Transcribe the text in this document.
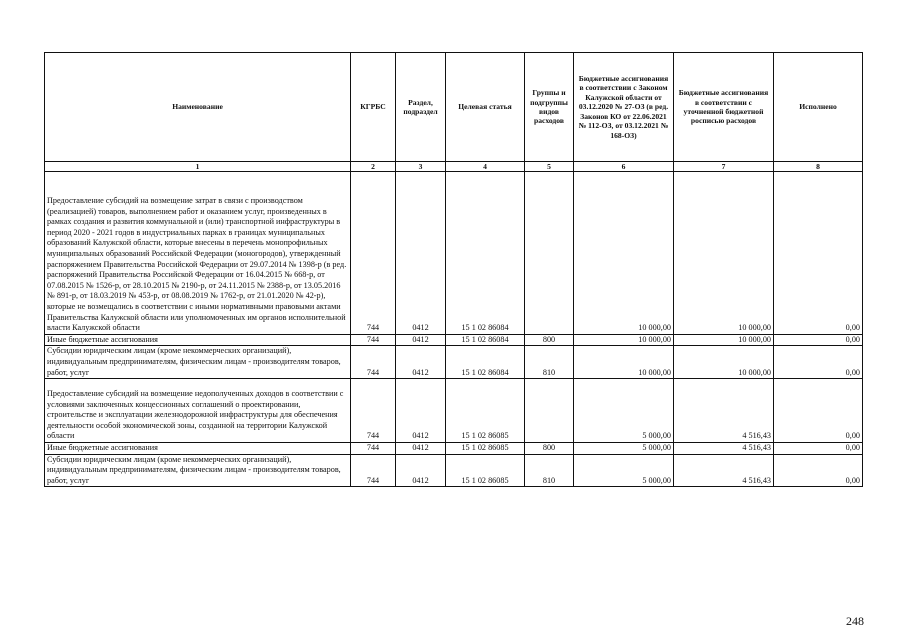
Наименование	КГРБС	Раздел, подраздел	Целевая статья	Группы и подгруппы видов расходов	Бюджетные ассигнования в соответствии с Законом Калужской области от 03.12.2020 № 27-ОЗ (в ред. Законов КО от 22.06.2021 № 112-ОЗ, от 03.12.2021 № 168-ОЗ)	Бюджетные ассигнования в соответствии с уточненной бюджетной росписью расходов	Исполнено
1	2	3	4	5	6	7	8
Предоставление субсидий на возмещение затрат в связи с производством (реализацией) товаров, выполнением работ и оказанием услуг, произведенных в рамках создания и развития коммунальной и (или) транспортной инфраструктуры в период 2020 - 2021 годов в индустриальных парках в границах муниципальных образований Калужской области, которые внесены в перечень монопрофильных муниципальных образований Российской Федерации (моногородов), утвержденный распоряжением Правительства Российской Федерации от 29.07.2014 № 1398-р (в ред. распоряжений Правительства Российской Федерации от 16.04.2015 № 668-р, от 07.08.2015 № 1526-р, от 28.10.2015 № 2190-р, от 24.11.2015 № 2388-р, от 13.05.2016 № 891-р, от 18.03.2019 № 453-р, от 08.08.2019 № 1762-р, от 21.01.2020 № 42-р), которые не возмещались в соответствии с иными нормативными правовыми актами Правительства Калужской области или уполномоченных им органов исполнительной власти Калужской области	744	0412	15 1 02 86084		10 000,00	10 000,00	0,00
Иные бюджетные ассигнования	744	0412	15 1 02 86084	800	10 000,00	10 000,00	0,00
Субсидии юридическим лицам (кроме некоммерческих организаций), индивидуальным предпринимателям, физическим лицам - производителям товаров, работ, услуг	744	0412	15 1 02 86084	810	10 000,00	10 000,00	0,00
Предоставление субсидий на возмещение недополученных доходов в соответствии с условиями заключенных концессионных соглашений о проектировании, строительстве и эксплуатации железнодорожной инфраструктуры для обеспечения деятельности особой экономической зоны, созданной на территории Калужской области	744	0412	15 1 02 86085		5 000,00	4 516,43	0,00
Иные бюджетные ассигнования	744	0412	15 1 02 86085	800	5 000,00	4 516,43	0,00
Субсидии юридическим лицам (кроме некоммерческих организаций), индивидуальным предпринимателям, физическим лицам - производителям товаров, работ, услуг	744	0412	15 1 02 86085	810	5 000,00	4 516,43	0,00
248
